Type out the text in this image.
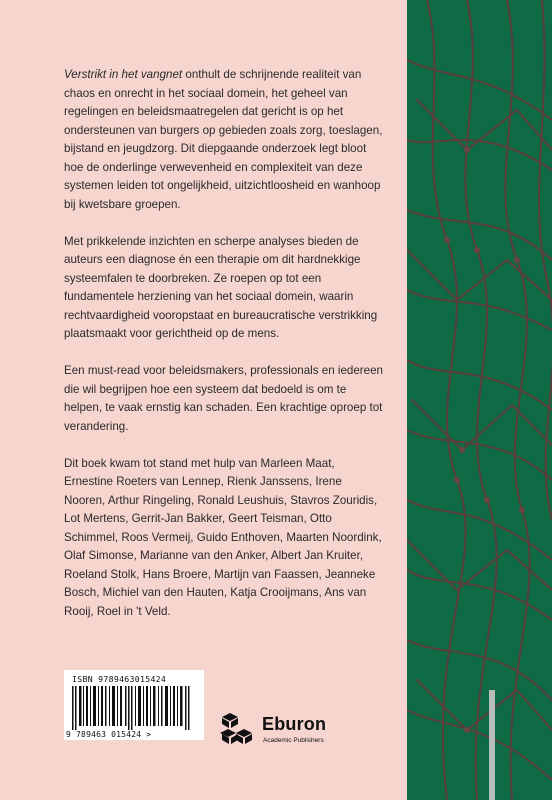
Verstrikt in het vangnet onthult de schrijnende realiteit van chaos en onrecht in het sociaal domein, het geheel van regelingen en beleidsmaatregelen dat gericht is op het ondersteunen van burgers op gebieden zoals zorg, toeslagen, bijstand en jeugdzorg. Dit diepgaande onderzoek legt bloot hoe de onderlinge verwevenheid en complexiteit van deze systemen leiden tot ongelijkheid, uitzichtloosheid en wanhoop bij kwetsbare groepen.

Met prikkelende inzichten en scherpe analyses bieden de auteurs een diagnose én een therapie om dit hardnekkige systeemfalen te doorbreken. Ze roepen op tot een fundamentele herziening van het sociaal domein, waarin rechtvaardigheid vooropstaat en bureaucratische verstrikking plaatsmaakt voor gerichtheid op de mens.

Een must-read voor beleidsmakers, professionals en iedereen die wil begrijpen hoe een systeem dat bedoeld is om te helpen, te vaak ernstig kan schaden. Een krachtige oproep tot verandering.

Dit boek kwam tot stand met hulp van Marleen Maat, Ernestine Roeters van Lennep, Rienk Janssens, Irene Nooren, Arthur Ringeling, Ronald Leushuis, Stavros Zouridis, Lot Mertens, Gerrit-Jan Bakker, Geert Teisman, Otto Schimmel, Roos Vermeij, Guido Enthoven, Maarten Noordink, Olaf Simonse, Marianne van den Anker, Albert Jan Kruiter, Roeland Stolk, Hans Broere, Martijn van Faassen, Jeanneke Bosch, Michiel van den Hauten, Katja Crooijmans, Ans van Rooij, Roel in 't Veld.

ISBN 9789463015424
9 789463 015424 >
Eburon
Academic Publishers
